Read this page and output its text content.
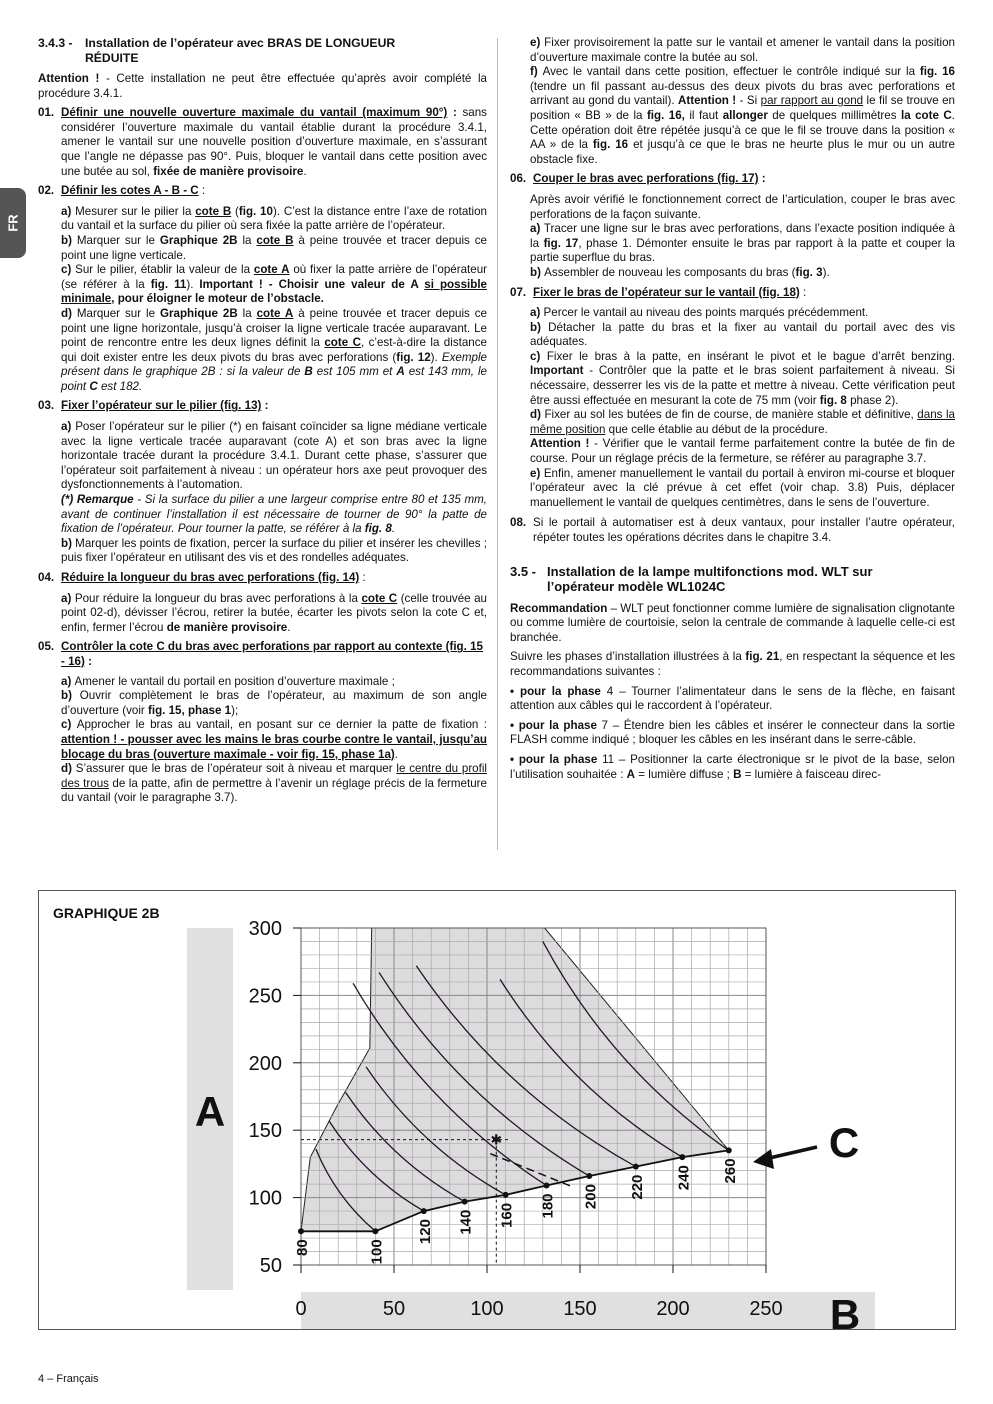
FR
3.4.3 - Installation de l’opérateur avec BRAS DE LONGUEUR
RÉDUITE

Attention ! - Cette installation ne peut être effectuée qu’après avoir complété la procédure 3.4.1.

01. Définir une nouvelle ouverture maximale du vantail (maximum 90°) : sans considérer l’ouverture maximale du vantail établie durant la procédure 3.4.1, amener le vantail sur une nouvelle position d’ouverture maximale, en s’assurant que l’angle ne dépasse pas 90°. Puis, bloquer le vantail dans cette position avec une butée au sol, fixée de manière provisoire.

02. Définir les cotes A - B - C :

a) Mesurer sur le pilier la cote B (fig. 10). C’est la distance entre l’axe de rotation du vantail et la surface du pilier où sera fixée la patte arrière de l’opérateur.

b) Marquer sur le Graphique 2B la cote B à peine trouvée et tracer depuis ce point une ligne verticale.

c) Sur le pilier, établir la valeur de la cote A où fixer la patte arrière de l’opérateur (se référer à la fig. 11). Important ! - Choisir une valeur de A si possible minimale, pour éloigner le moteur de l’obstacle.

d) Marquer sur le Graphique 2B la cote A à peine trouvée et tracer depuis ce point une ligne horizontale, jusqu’à croiser la ligne verticale tracée auparavant. Le point de rencontre entre les deux lignes définit la cote C, c’est-à-dire la distance qui doit exister entre les deux pivots du bras avec perforations (fig. 12). Exemple présent dans le graphique 2B : si la valeur de B est 105 mm et A est 143 mm, le point C est 182.

03. Fixer l’opérateur sur le pilier (fig. 13) :

a) Poser l’opérateur sur le pilier (*) en faisant coïncider sa ligne médiane verticale avec la ligne verticale tracée auparavant (cote A) et son bras avec la ligne horizontale tracée durant la procédure 3.4.1. Durant cette phase, s’assurer que l’opérateur soit parfaitement à niveau : un opérateur hors axe peut provoquer des dysfonctionnements à l’automation.

(*) Remarque - Si la surface du pilier a une largeur comprise entre 80 et 135 mm, avant de continuer l’installation il est nécessaire de tourner de 90° la patte de fixation de l’opérateur. Pour tourner la patte, se référer à la fig. 8.

b) Marquer les points de fixation, percer la surface du pilier et insérer les chevilles ; puis fixer l’opérateur en utilisant des vis et des rondelles adéquates.

04. Réduire la longueur du bras avec perforations (fig. 14) :

a) Pour réduire la longueur du bras avec perforations à la cote C (celle trouvée au point 02-d), dévisser l’écrou, retirer la butée, écarter les pivots selon la cote C et, enfin, fermer l’écrou de manière provisoire.

05. Contrôler la cote C du bras avec perforations par rapport au contexte (fig. 15 - 16) :

a) Amener le vantail du portail en position d’ouverture maximale ;

b) Ouvrir complètement le bras de l’opérateur, au maximum de son angle d’ouverture (voir fig. 15, phase 1);

c) Approcher le bras au vantail, en posant sur ce dernier la patte de fixation : attention ! - pousser avec les mains le bras courbe contre le vantail, jusqu’au blocage du bras (ouverture maximale - voir fig. 15, phase 1a).

d) S’assurer que le bras de l’opérateur soit à niveau et marquer le centre du profil des trous de la patte, afin de permettre à l’avenir un réglage précis de la fermeture du vantail (voir le paragraphe 3.7).

e) Fixer provisoirement la patte sur le vantail et amener le vantail dans la position d’ouverture maximale contre la butée au sol.

f) Avec le vantail dans cette position, effectuer le contrôle indiqué sur la fig. 16 (tendre un fil passant au-dessus des deux pivots du bras avec perforations et arrivant au gond du vantail). Attention ! - Si par rapport au gond le fil se trouve en position « BB » de la fig. 16, il faut allonger de quelques millimètres la cote C. Cette opération doit être répétée jusqu’à ce que le fil se trouve dans la position « AA » de la fig. 16 et jusqu’à ce que le bras ne heurte plus le mur ou un autre obstacle fixe.

06. Couper le bras avec perforations (fig. 17) :

Après avoir vérifié le fonctionnement correct de l’articulation, couper le bras avec perforations de la façon suivante.

a) Tracer une ligne sur le bras avec perforations, dans l’exacte position indiquée à la fig. 17, phase 1. Démonter ensuite le bras par rapport à la patte et couper la partie superflue du bras.

b) Assembler de nouveau les composants du bras (fig. 3).

07. Fixer le bras de l’opérateur sur le vantail (fig. 18) :

a) Percer le vantail au niveau des points marqués précédemment.

b) Détacher la patte du bras et la fixer au vantail du portail avec des vis adéquates.

c) Fixer le bras à la patte, en insérant le pivot et le bague d’arrêt benzing. Important - Contrôler que la patte et le bras soient parfaitement à niveau. Si nécessaire, desserrer les vis de la patte et mettre à niveau. Cette vérification peut être aussi effectuée en mesurant la cote de 75 mm (voir fig. 8 phase 2).

d) Fixer au sol les butées de fin de course, de manière stable et définitive, dans la même position que celle établie au début de la procédure.

Attention ! - Vérifier que le vantail ferme parfaitement contre la butée de fin de course. Pour un réglage précis de la fermeture, se référer au paragraphe 3.7.

e) Enfin, amener manuellement le vantail du portail à environ mi-course et bloquer l’opérateur avec la clé prévue à cet effet (voir chap. 3.8) Puis, déplacer manuellement le vantail de quelques centimètres, dans le sens de l’ouverture.

08. Si le portail à automatiser est à deux vantaux, pour installer l’autre opérateur, répéter toutes les opérations décrites dans le chapitre 3.4.

3.5 - Installation de la lampe multifonctions mod. WLT sur
l’opérateur modèle WL1024C

Recommandation – WLT peut fonctionner comme lumière de signalisation clignotante ou comme lumière de courtoisie, selon la centrale de commande à laquelle celle-ci est branchée.

Suivre les phases d’installation illustrées à la fig. 21, en respectant la séquence et les recommandations suivantes :

• pour la phase 4 – Tourner l’alimentateur dans le sens de la flèche, en faisant attention aux câbles qui le raccordent à l’opérateur.

• pour la phase 7 – Étendre bien les câbles et insérer le connecteur dans la sortie FLASH comme indiqué ; bloquer les câbles en les insérant dans le serre-câble.

• pour la phase 11 – Positionner la carte électronique sr le pivot de la base, selon l’utilisation souhaitée : A = lumière diffuse ; B = lumière à faisceau direc-

GRAPHIQUE 2B
80	100
120 140 160 180 200 220 240 260
✱
0	50	100	150	200	250
50
100
150
200
250
300
A
B
C
4 – Français
